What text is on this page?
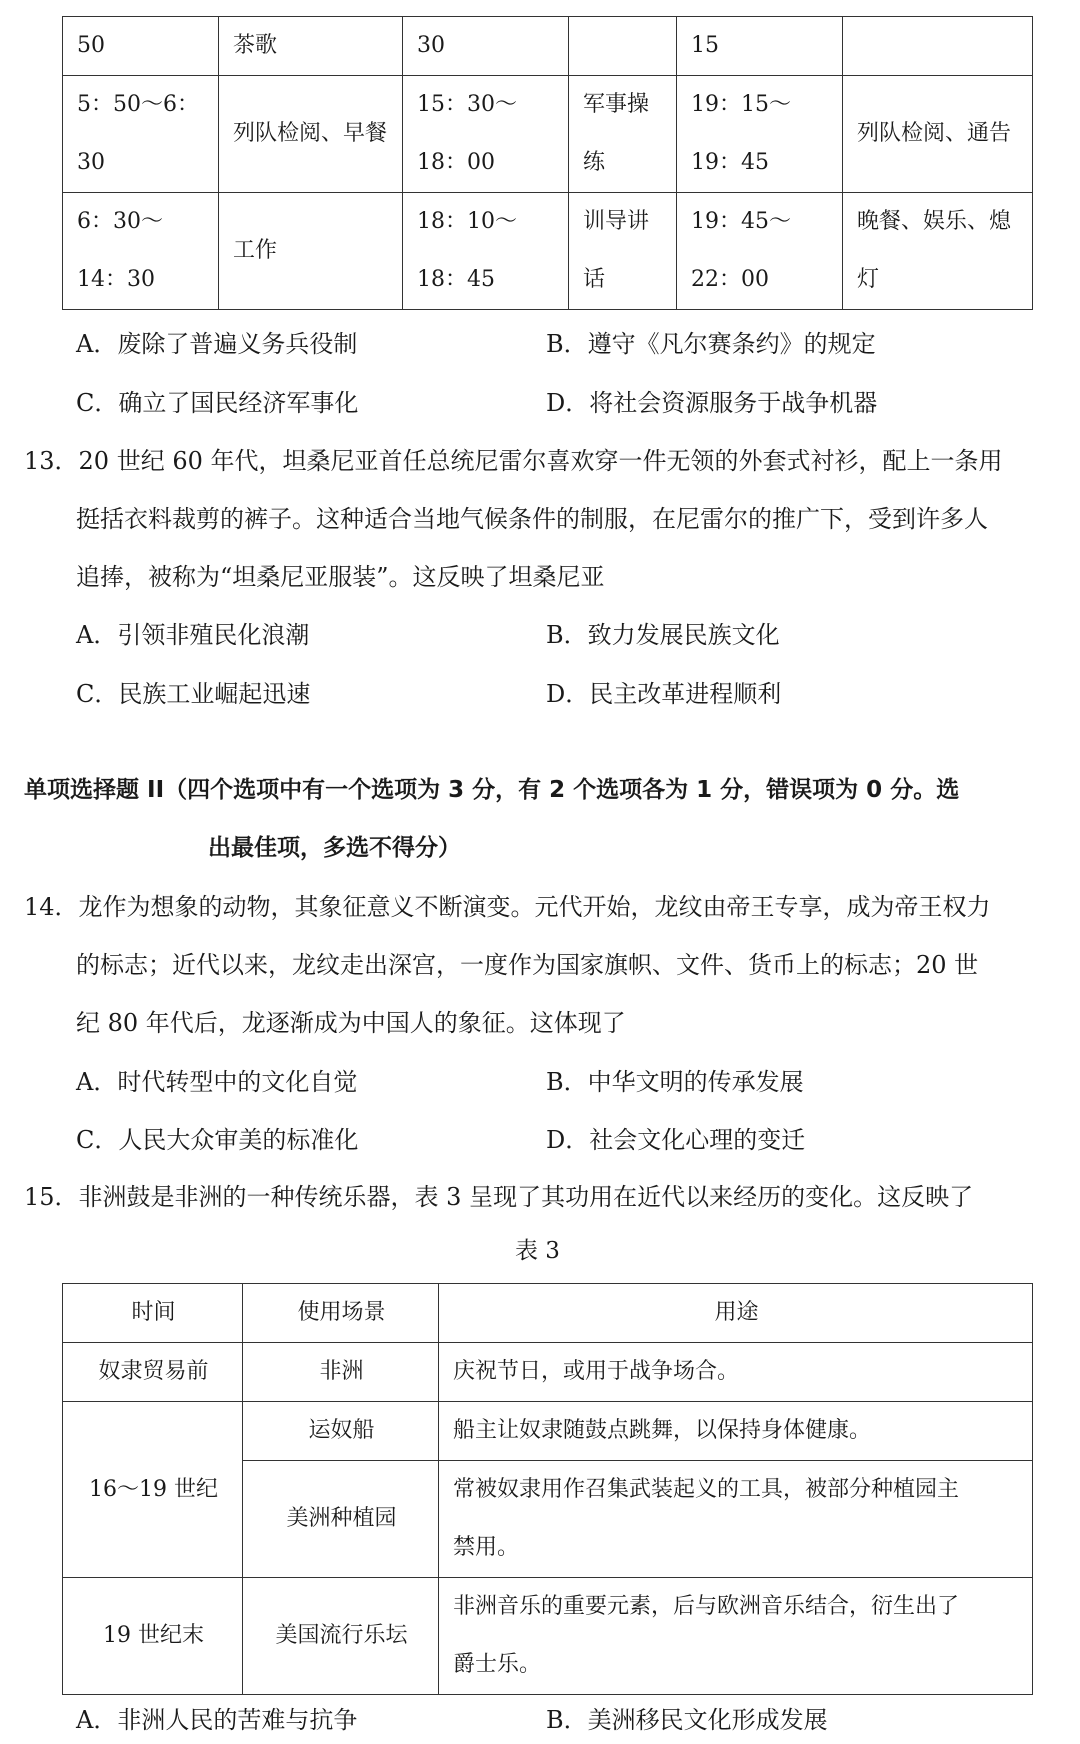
50	茶歌	30		15	
5：50～6：30	列队检阅、早餐	15：30～18：00	军事操练	19：15～19：45	列队检阅、通告
6：30～14：30	工作	18：10～18：45	训导讲话	19：45～22：00	晚餐、娱乐、熄灯
A．废除了普遍义务兵役制	B．遵守《凡尔赛条约》的规定
C．确立了国民经济军事化	D．将社会资源服务于战争机器
13．20 世纪 60 年代，坦桑尼亚首任总统尼雷尔喜欢穿一件无领的外套式衬衫，配上一条用
挺括衣料裁剪的裤子。这种适合当地气候条件的制服，在尼雷尔的推广下，受到许多人
追捧，被称为“坦桑尼亚服装”。这反映了坦桑尼亚
A．引领非殖民化浪潮	B．致力发展民族文化
C．民族工业崛起迅速	D．民主改革进程顺利
单项选择题 II（四个选项中有一个选项为 3 分，有 2 个选项各为 1 分，错误项为 0 分。选
出最佳项，多选不得分）
14．龙作为想象的动物，其象征意义不断演变。元代开始，龙纹由帝王专享，成为帝王权力
的标志；近代以来，龙纹走出深宫，一度作为国家旗帜、文件、货币上的标志；20 世
纪 80 年代后，龙逐渐成为中国人的象征。这体现了
A．时代转型中的文化自觉	B．中华文明的传承发展
C．人民大众审美的标准化	D．社会文化心理的变迁
15．非洲鼓是非洲的一种传统乐器，表 3 呈现了其功用在近代以来经历的变化。这反映了
表 3
时间	使用场景	用途
奴隶贸易前	非洲	庆祝节日，或用于战争场合。
16～19 世纪	运奴船	船主让奴隶随鼓点跳舞，以保持身体健康。
	美洲种植园	常被奴隶用作召集武装起义的工具，被部分种植园主
禁用。

19 世纪末	美国流行乐坛	非洲音乐的重要元素，后与欧洲音乐结合，衍生出了
爵士乐。
A．非洲人民的苦难与抗争	B．美洲移民文化形成发展
